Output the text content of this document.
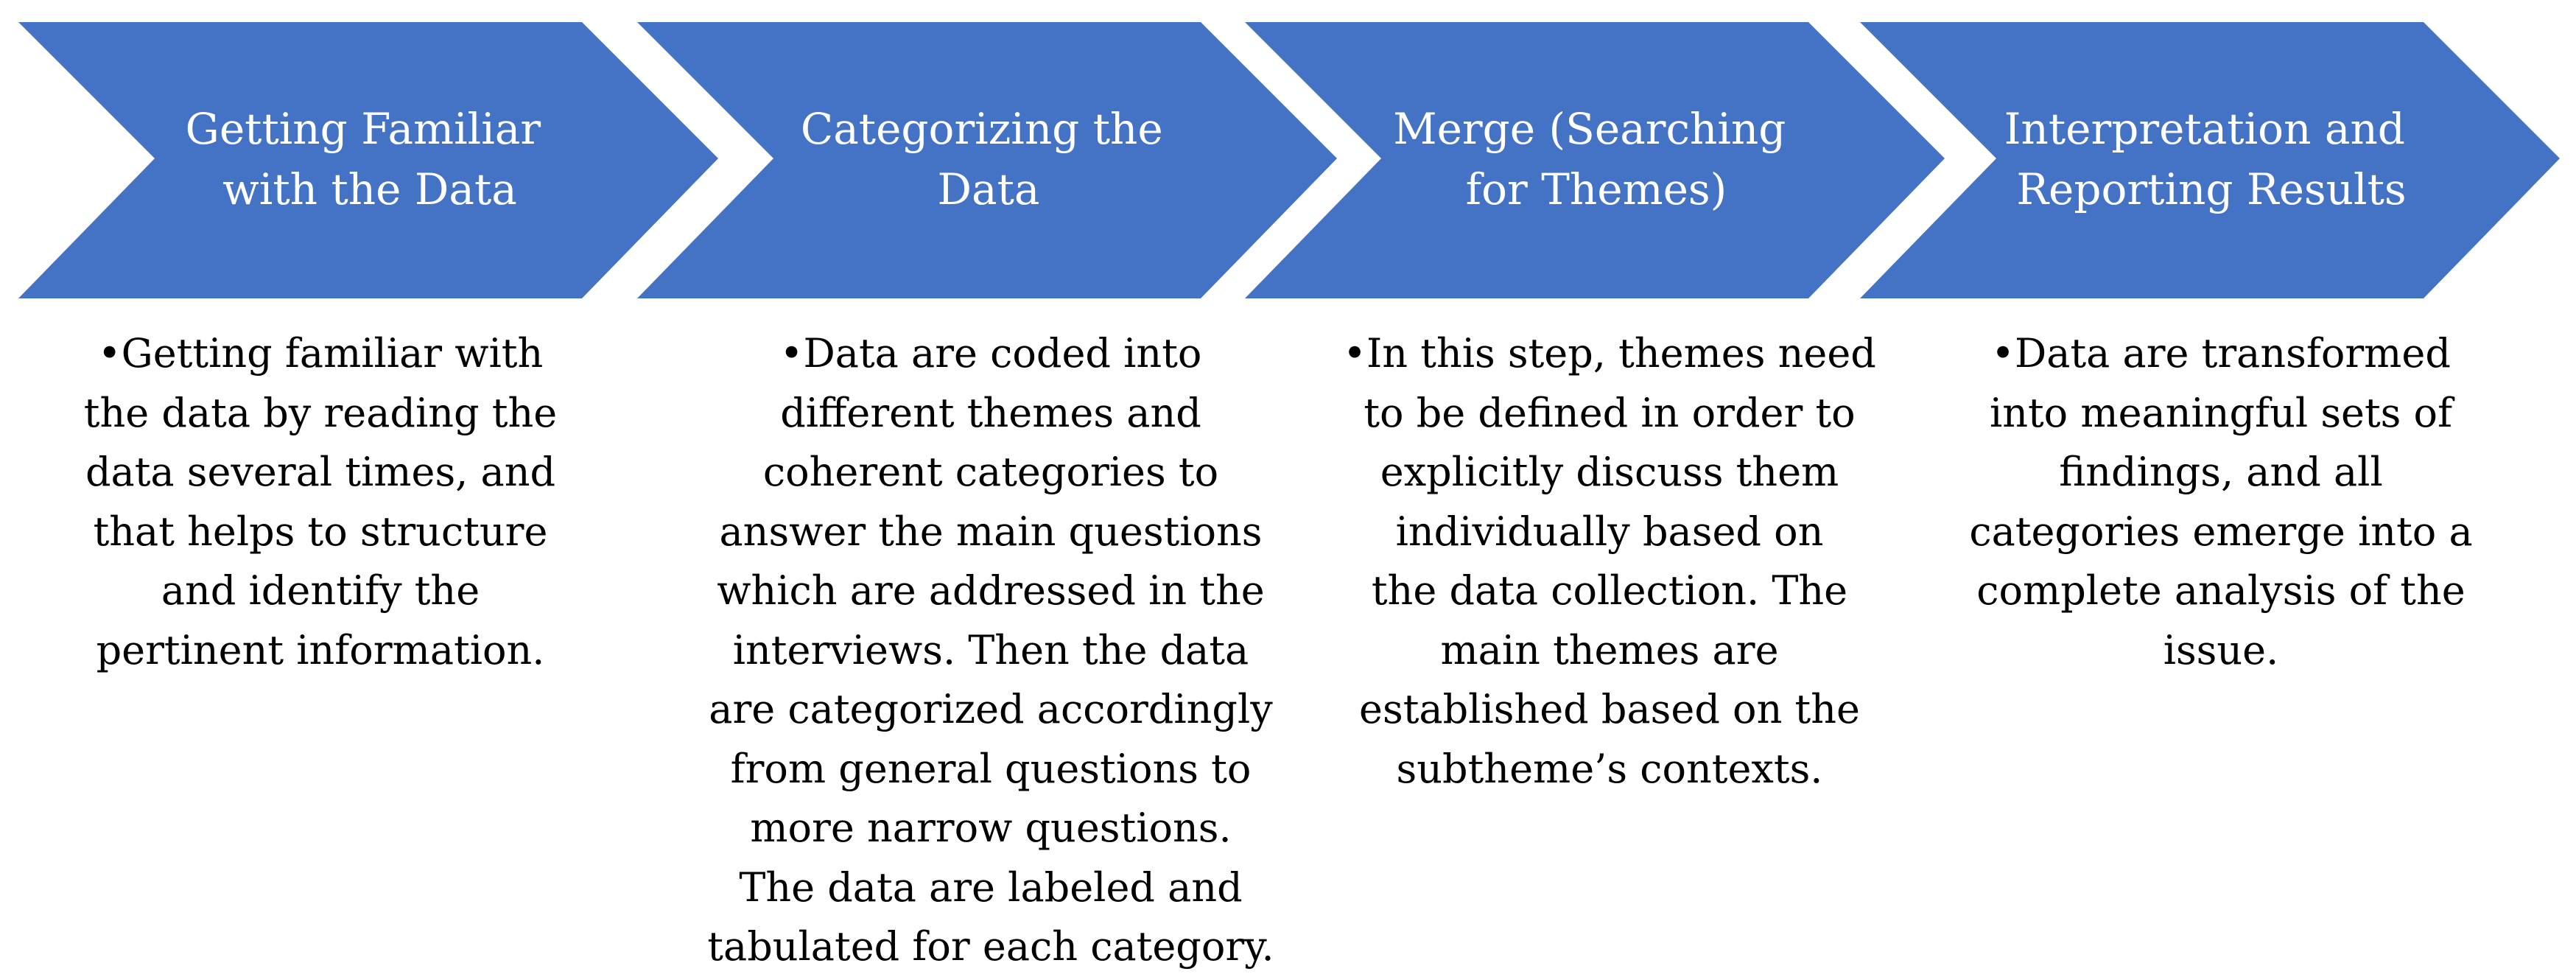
Getting Familiar with the Data
Categorizing the Data
Merge (Searching for Themes)
Interpretation and Reporting Results
•Getting familiar with
the data by reading the
data several times, and
that helps to structure
and identify the
pertinent information.
•Data are coded into
different themes and
coherent categories to
answer the main questions
which are addressed in the
interviews. Then the data
are categorized accordingly
from general questions to
more narrow questions.
The data are labeled and
tabulated for each category.
•In this step, themes need
to be defined in order to
explicitly discuss them
individually based on
the data collection. The
main themes are
established based on the
subtheme’s contexts.
•Data are transformed
into meaningful sets of
findings, and all
categories emerge into a
complete analysis of the
issue.
